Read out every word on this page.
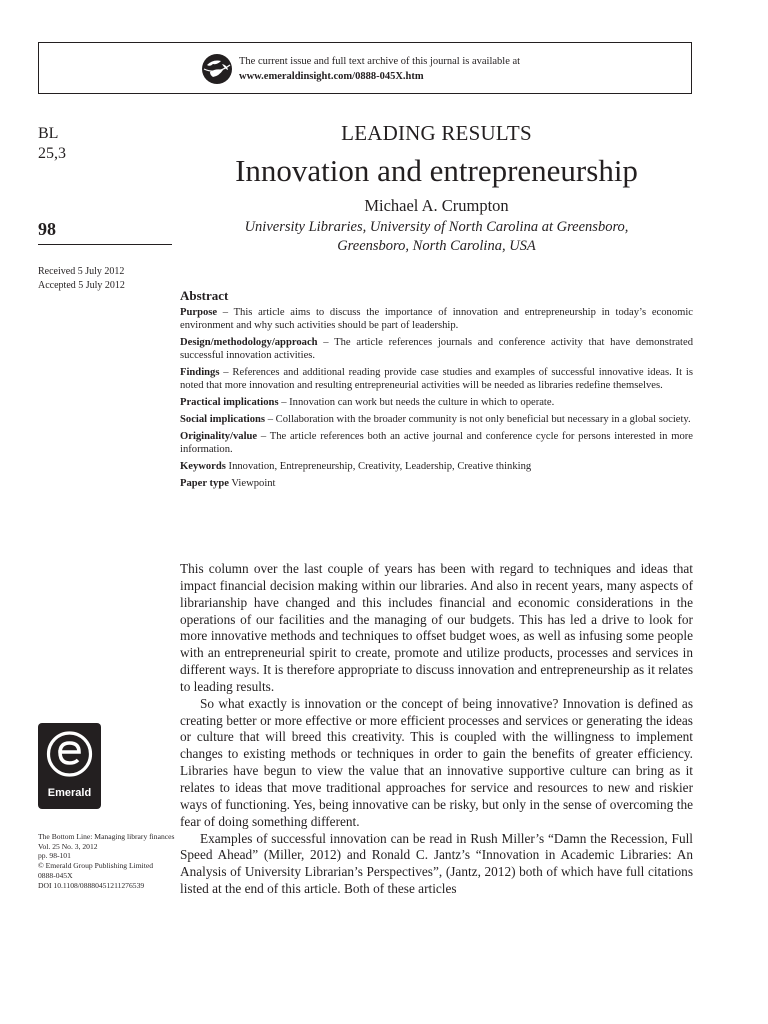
The current issue and full text archive of this journal is available at
www.emeraldinsight.com/0888-045X.htm
BL
25,3
98
Received 5 July 2012
Accepted 5 July 2012
Emerald
The Bottom Line: Managing library finances
Vol. 25 No. 3, 2012
pp. 98-101
© Emerald Group Publishing Limited
0888-045X
DOI 10.1108/08880451211276539
LEADING RESULTS
Innovation and entrepreneurship
Michael A. Crumpton
University Libraries, University of North Carolina at Greensboro,
Greensboro, North Carolina, USA
Abstract
Purpose – This article aims to discuss the importance of innovation and entrepreneurship in today’s economic environment and why such activities should be part of leadership.
Design/methodology/approach – The article references journals and conference activity that have demonstrated successful innovation activities.
Findings – References and additional reading provide case studies and examples of successful innovative ideas. It is noted that more innovation and resulting entrepreneurial activities will be needed as libraries redefine themselves.
Practical implications – Innovation can work but needs the culture in which to operate.
Social implications – Collaboration with the broader community is not only beneficial but necessary in a global society.
Originality/value – The article references both an active journal and conference cycle for persons interested in more information.
Keywords Innovation, Entrepreneurship, Creativity, Leadership, Creative thinking
Paper type Viewpoint

This column over the last couple of years has been with regard to techniques and ideas that impact financial decision making within our libraries. And also in recent years, many aspects of librarianship have changed and this includes financial and economic considerations in the operations of our facilities and the managing of our budgets. This has led a drive to look for more innovative methods and techniques to offset budget woes, as well as infusing some people with an entrepreneurial spirit to create, promote and utilize products, processes and services in different ways. It is therefore appropriate to discuss innovation and entrepreneurship as it relates to leading results.

So what exactly is innovation or the concept of being innovative? Innovation is defined as creating better or more effective or more efficient processes and services or generating the ideas or culture that will breed this creativity. This is coupled with the willingness to implement changes to existing methods or techniques in order to gain the benefits of greater efficiency. Libraries have begun to view the value that an innovative supportive culture can bring as it relates to ideas that move traditional approaches for service and resources to new and riskier ways of functioning. Yes, being innovative can be risky, but only in the sense of overcoming the fear of doing something different.

Examples of successful innovation can be read in Rush Miller’s “Damn the Recession, Full Speed Ahead” (Miller, 2012) and Ronald C. Jantz’s “Innovation in Academic Libraries: An Analysis of University Librarian’s Perspectives”, (Jantz, 2012) both of which have full citations listed at the end of this article. Both of these articles
